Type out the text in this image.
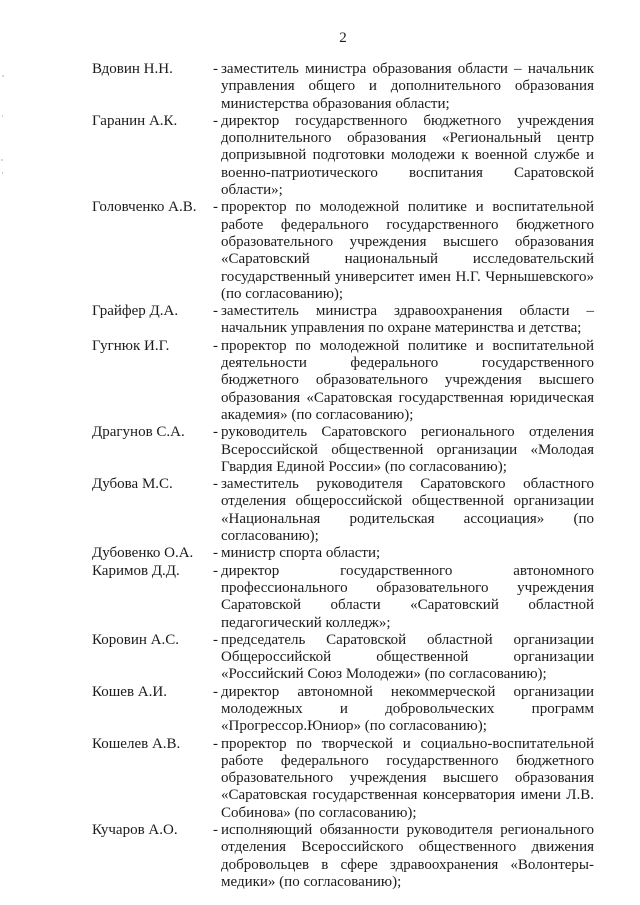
2
Вдовин Н.Н.	- заместитель министра образования области – начальник управления общего и дополнительного образования министерства образования области;
Гаранин А.К.	- директор государственного бюджетного учреждения дополнительного образования «Региональный центр допризывной подготовки молодежи к военной службе и военно-патриотического воспитания Саратовской области»;
Головченко А.В.	- проректор по молодежной политике и воспитательной работе федерального государственного бюджетного образовательного учреждения высшего образования «Саратовский национальный исследовательский государственный университет имен Н.Г. Чернышевского» (по согласованию);
Грайфер Д.А.	- заместитель министра здравоохранения области – начальник управления по охране материнства и детства;
Гугнюк И.Г.	- проректор по молодежной политике и воспитательной деятельности федерального государственного бюджетного образовательного учреждения высшего образования «Саратовская государственная юридическая академия» (по согласованию);
Драгунов С.А.	- руководитель Саратовского регионального отделения Всероссийской общественной организации «Молодая Гвардия Единой России» (по согласованию);
Дубова М.С.	- заместитель руководителя Саратовского областного отделения общероссийской общественной организации «Национальная родительская ассоциация» (по согласованию);
Дубовенко О.А.	- министр спорта области;
Каримов Д.Д.	- директор государственного автономного профессионального образовательного учреждения Саратовской области «Саратовский областной педагогический колледж»;
Коровин А.С.	- председатель Саратовской областной организации Общероссийской общественной организации «Российский Союз Молодежи» (по согласованию);
Кошев А.И.	- директор автономной некоммерческой организации молодежных и добровольческих программ «Прогрессор.Юниор» (по согласованию);
Кошелев А.В.	- проректор по творческой и социально-воспитательной работе федерального государственного бюджетного образовательного учреждения высшего образования «Саратовская государственная консерватория имени Л.В. Собинова» (по согласованию);
Кучаров А.О.	- исполняющий обязанности руководителя регионального отделения Всероссийского общественного движения добровольцев в сфере здравоохранения «Волонтеры-медики» (по согласованию);
